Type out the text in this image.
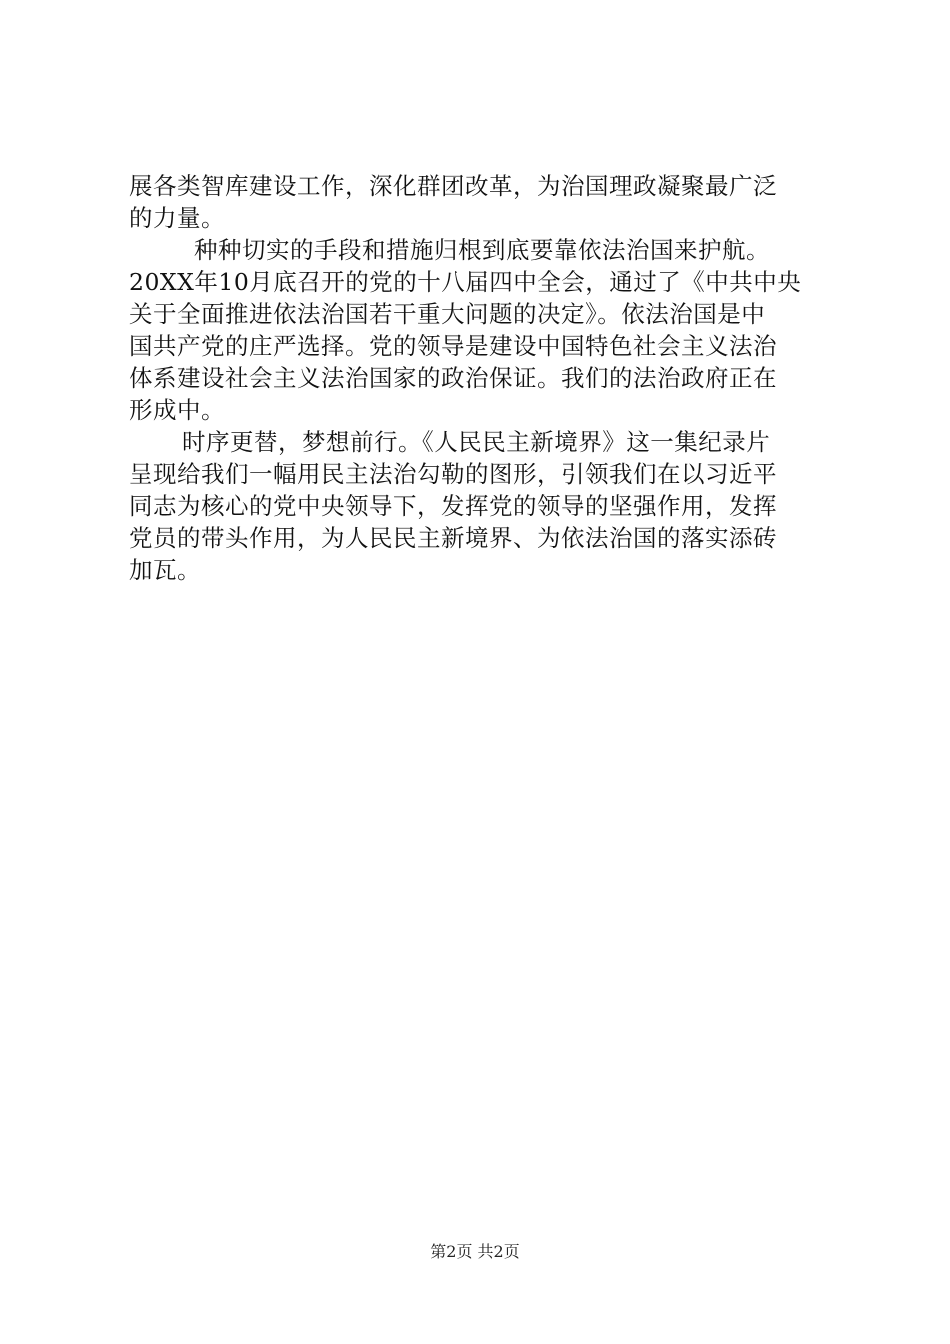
展各类智库建设工作，深化群团改革，为治国理政凝聚最广泛
的力量。
种种切实的手段和措施归根到底要靠依法治国来护航。
20XX年10月底召开的党的十八届四中全会，通过了《中共中央
关于全面推进依法治国若干重大问题的决定》。依法治国是中
国共产党的庄严选择。党的领导是建设中国特色社会主义法治
体系建设社会主义法治国家的政治保证。我们的法治政府正在
形成中。
时序更替，梦想前行。《人民民主新境界》这一集纪录片
呈现给我们一幅用民主法治勾勒的图形，引领我们在以习近平
同志为核心的党中央领导下，发挥党的领导的坚强作用，发挥
党员的带头作用，为人民民主新境界、为依法治国的落实添砖
加瓦。
第2页 共2页
